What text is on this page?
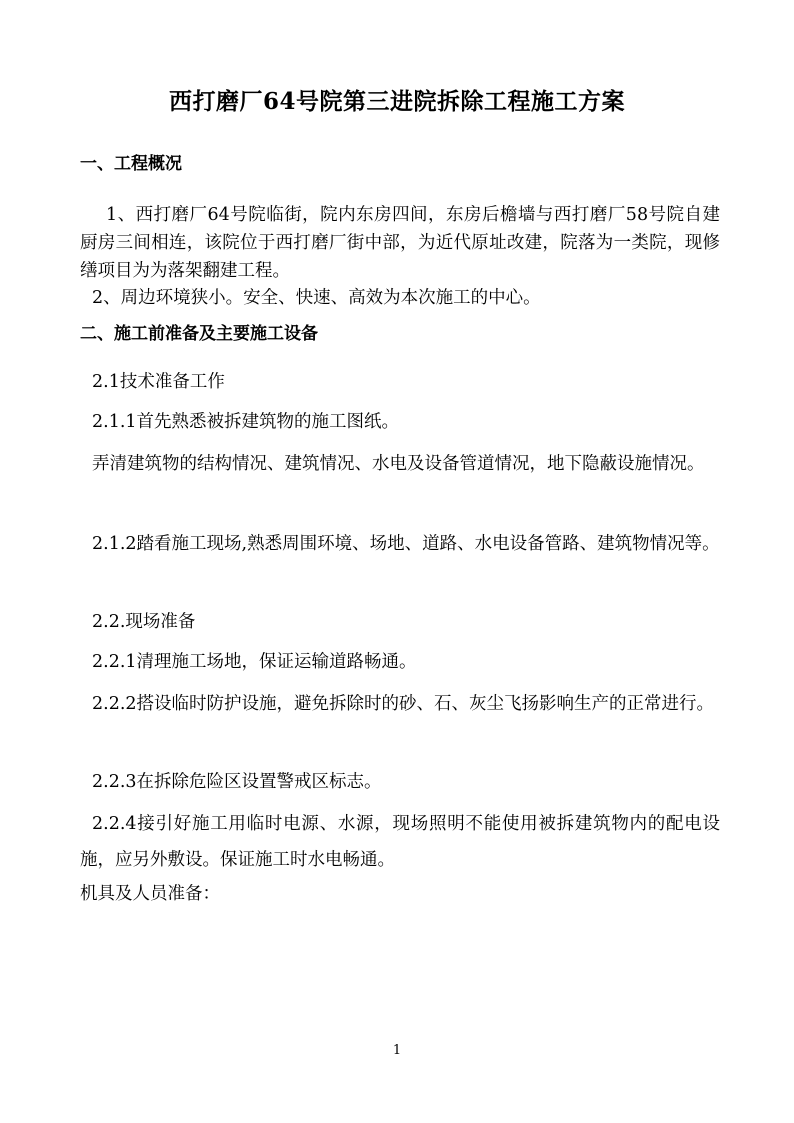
西打磨厂64号院第三进院拆除工程施工方案
一、工程概况

1、西打磨厂64号院临街，院内东房四间，东房后檐墙与西打磨厂58号院自建厨房三间相连，该院位于西打磨厂街中部，为近代原址改建，院落为一类院，现修缮项目为为落架翻建工程。

2、周边环境狭小。安全、快速、高效为本次施工的中心。
二、施工前准备及主要施工设备
2.1技术准备工作
2.1.1首先熟悉被拆建筑物的施工图纸。

弄清建筑物的结构情况、建筑情况、水电及设备管道情况，地下隐蔽设施情况。

2.1.2踏看施工现场,熟悉周围环境、场地、道路、水电设备管路、建筑物情况等。

2.2.现场准备
2.2.1清理施工场地，保证运输道路畅通。

2.2.2搭设临时防护设施，避免拆除时的砂、石、灰尘飞扬影响生产的正常进行。

2.2.3在拆除危险区设置警戒区标志。

2.2.4接引好施工用临时电源、水源，现场照明不能使用被拆建筑物内的配电设施，应另外敷设。保证施工时水电畅通。

机具及人员准备：
1
